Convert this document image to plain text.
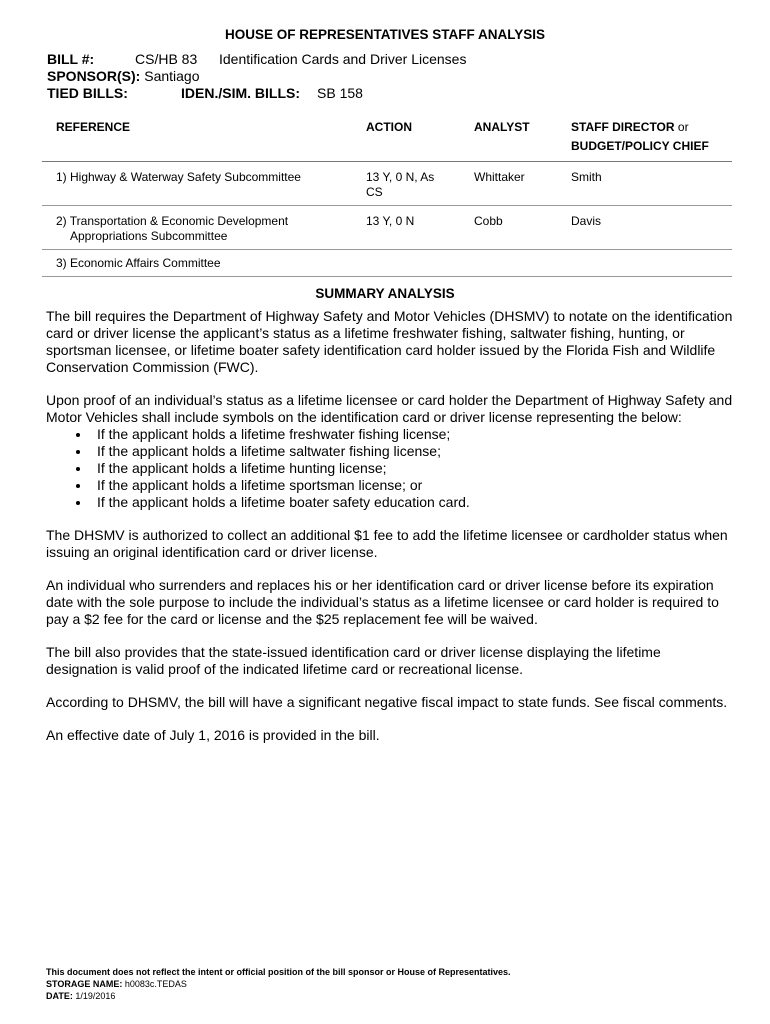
HOUSE OF REPRESENTATIVES STAFF ANALYSIS
BILL #:	CS/HB 83 Identification Cards and Driver Licenses
SPONSOR(S): Santiago
TIED BILLS:	IDEN./SIM. BILLS: SB 158
REFERENCE	ACTION	ANALYST	STAFF DIRECTOR or
BUDGET/POLICY CHIEF
1) Highway & Waterway Safety Subcommittee	13 Y, 0 N, As CS	Whittaker	Smith
2) Transportation & Economic Development
Appropriations Subcommittee	13 Y, 0 N	Cobb	Davis
3) Economic Affairs Committee			
SUMMARY ANALYSIS

The bill requires the Department of Highway Safety and Motor Vehicles (DHSMV) to notate on the identification card or driver license the applicant’s status as a lifetime freshwater fishing, saltwater fishing, hunting, or sportsman licensee, or lifetime boater safety identification card holder issued by the Florida Fish and Wildlife Conservation Commission (FWC).

Upon proof of an individual’s status as a lifetime licensee or card holder the Department of Highway Safety and Motor Vehicles shall include symbols on the identification card or driver license representing the below:

• If the applicant holds a lifetime freshwater fishing license;
• If the applicant holds a lifetime saltwater fishing license;
• If the applicant holds a lifetime hunting license;
• If the applicant holds a lifetime sportsman license; or
• If the applicant holds a lifetime boater safety education card.

The DHSMV is authorized to collect an additional $1 fee to add the lifetime licensee or cardholder status when issuing an original identification card or driver license.

An individual who surrenders and replaces his or her identification card or driver license before its expiration date with the sole purpose to include the individual’s status as a lifetime licensee or card holder is required to pay a $2 fee for the card or license and the $25 replacement fee will be waived.

The bill also provides that the state-issued identification card or driver license displaying the lifetime designation is valid proof of the indicated lifetime card or recreational license.

According to DHSMV, the bill will have a significant negative fiscal impact to state funds. See fiscal comments.

An effective date of July 1, 2016 is provided in the bill.

This document does not reflect the intent or official position of the bill sponsor or House of Representatives.
STORAGE NAME: h0083c.TEDAS
DATE: 1/19/2016
